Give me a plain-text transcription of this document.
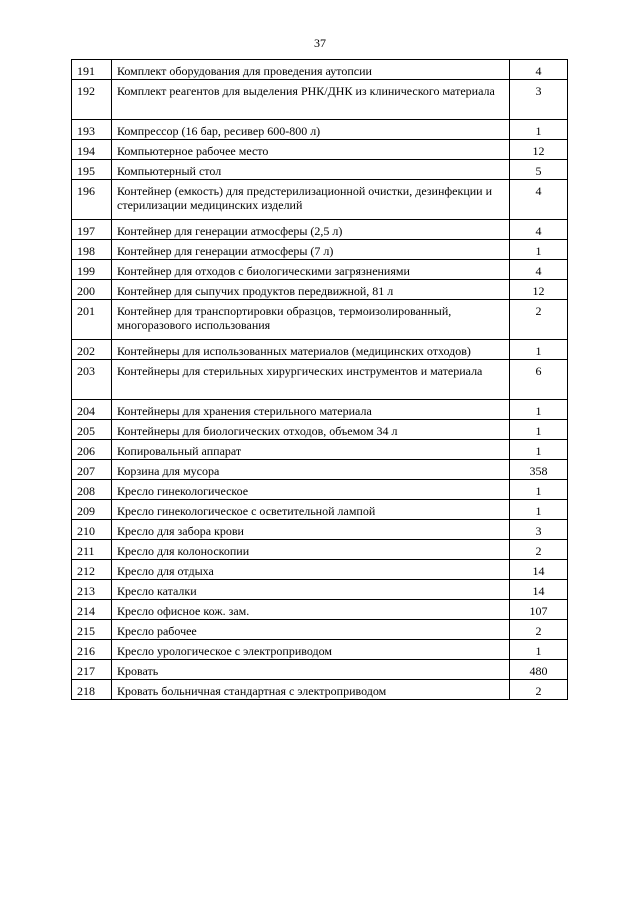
37
191	Комплект оборудования для проведения аутопсии	4
192	Комплект реагентов для выделения РНК/ДНК из клинического материала	3
193	Компрессор (16 бар, ресивер 600-800 л)	1
194	Компьютерное рабочее место	12
195	Компьютерный стол	5
196	Контейнер (емкость) для предстерилизационной очистки, дезинфекции и стерилизации медицинских изделий	4
197	Контейнер для генерации атмосферы (2,5 л)	4
198	Контейнер для генерации атмосферы (7 л)	1
199	Контейнер для отходов с биологическими загрязнениями	4
200	Контейнер для сыпучих продуктов передвижной, 81 л	12
201	Контейнер для транспортировки образцов, термоизолированный, многоразового использования	2
202	Контейнеры для использованных материалов (медицинских отходов)	1
203	Контейнеры для стерильных хирургических инструментов и материала	6
204	Контейнеры для хранения стерильного материала	1
205	Контейнеры для биологических отходов, объемом 34 л	1
206	Копировальный аппарат	1
207	Корзина для мусора	358
208	Кресло гинекологическое	1
209	Кресло гинекологическое с осветительной лампой	1
210	Кресло для забора крови	3
211	Кресло для колоноскопии	2
212	Кресло для отдыха	14
213	Кресло каталки	14
214	Кресло офисное кож. зам.	107
215	Кресло рабочее	2
216	Кресло урологическое с электроприводом	1
217	Кровать	480
218	Кровать больничная стандартная с электроприводом	2
